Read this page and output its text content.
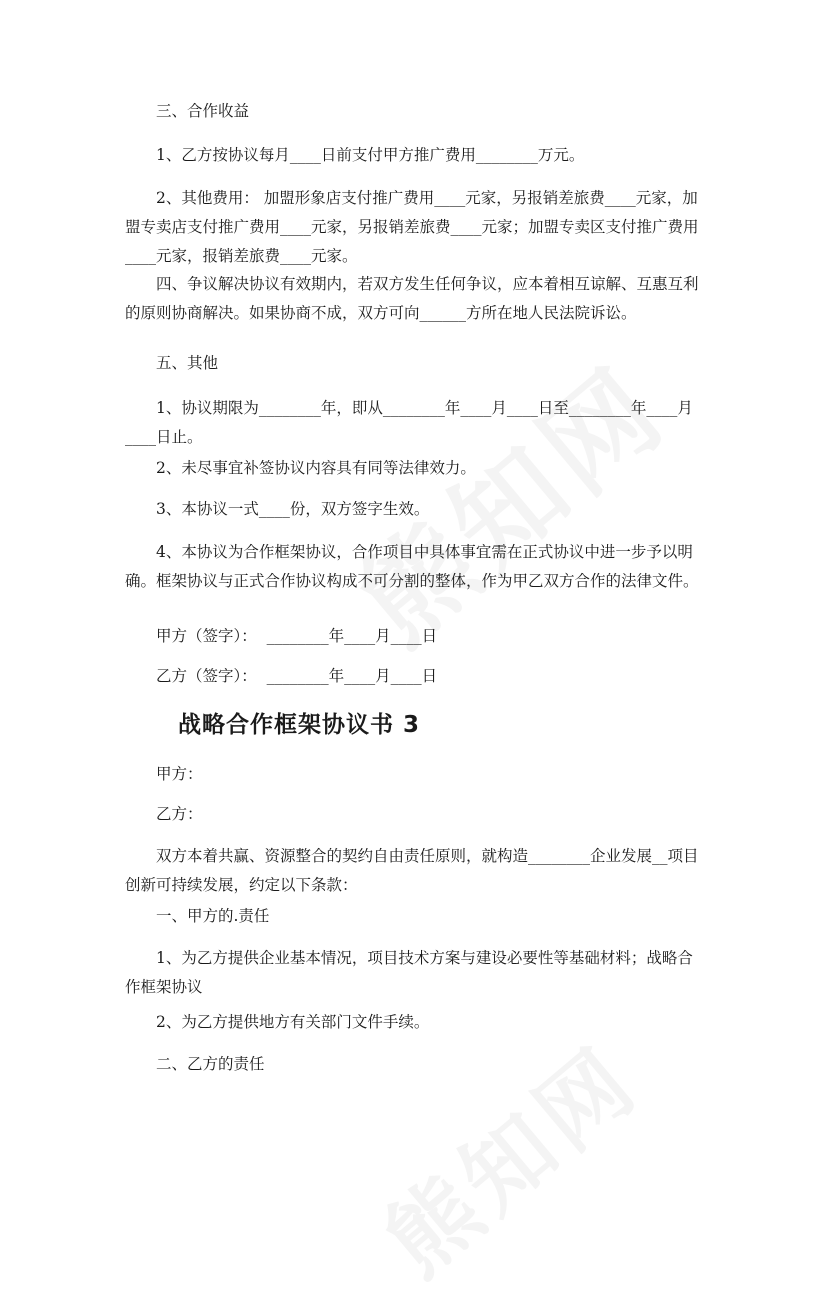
三、合作收益

1、乙方按协议每月____日前支付甲方推广费用________万元。

2、其他费用： 加盟形象店支付推广费用____元家，另报销差旅费____元家，加盟专卖店支付推广费用____元家，另报销差旅费____元家；加盟专卖区支付推广费用____元家，报销差旅费____元家。

四、争议解决协议有效期内，若双方发生任何争议，应本着相互谅解、互惠互利的原则协商解决。如果协商不成，双方可向______方所在地人民法院诉讼。

五、其他

1、协议期限为________年，即从________年____月____日至________年____月____日止。

2、未尽事宜补签协议内容具有同等法律效力。

3、本协议一式____份，双方签字生效。

4、本协议为合作框架协议，合作项目中具体事宜需在正式协议中进一步予以明确。框架协议与正式合作协议构成不可分割的整体，作为甲乙双方合作的法律文件。

甲方（签字）：  ________年____月____日

乙方（签字）：  ________年____月____日

战略合作框架协议书 3

甲方：

乙方：

双方本着共赢、资源整合的契约自由责任原则，就构造________企业发展__项目创新可持续发展，约定以下条款：

一、甲方的.责任

1、为乙方提供企业基本情况，项目技术方案与建设必要性等基础材料；战略合作框架协议

2、为乙方提供地方有关部门文件手续。

二、乙方的责任
